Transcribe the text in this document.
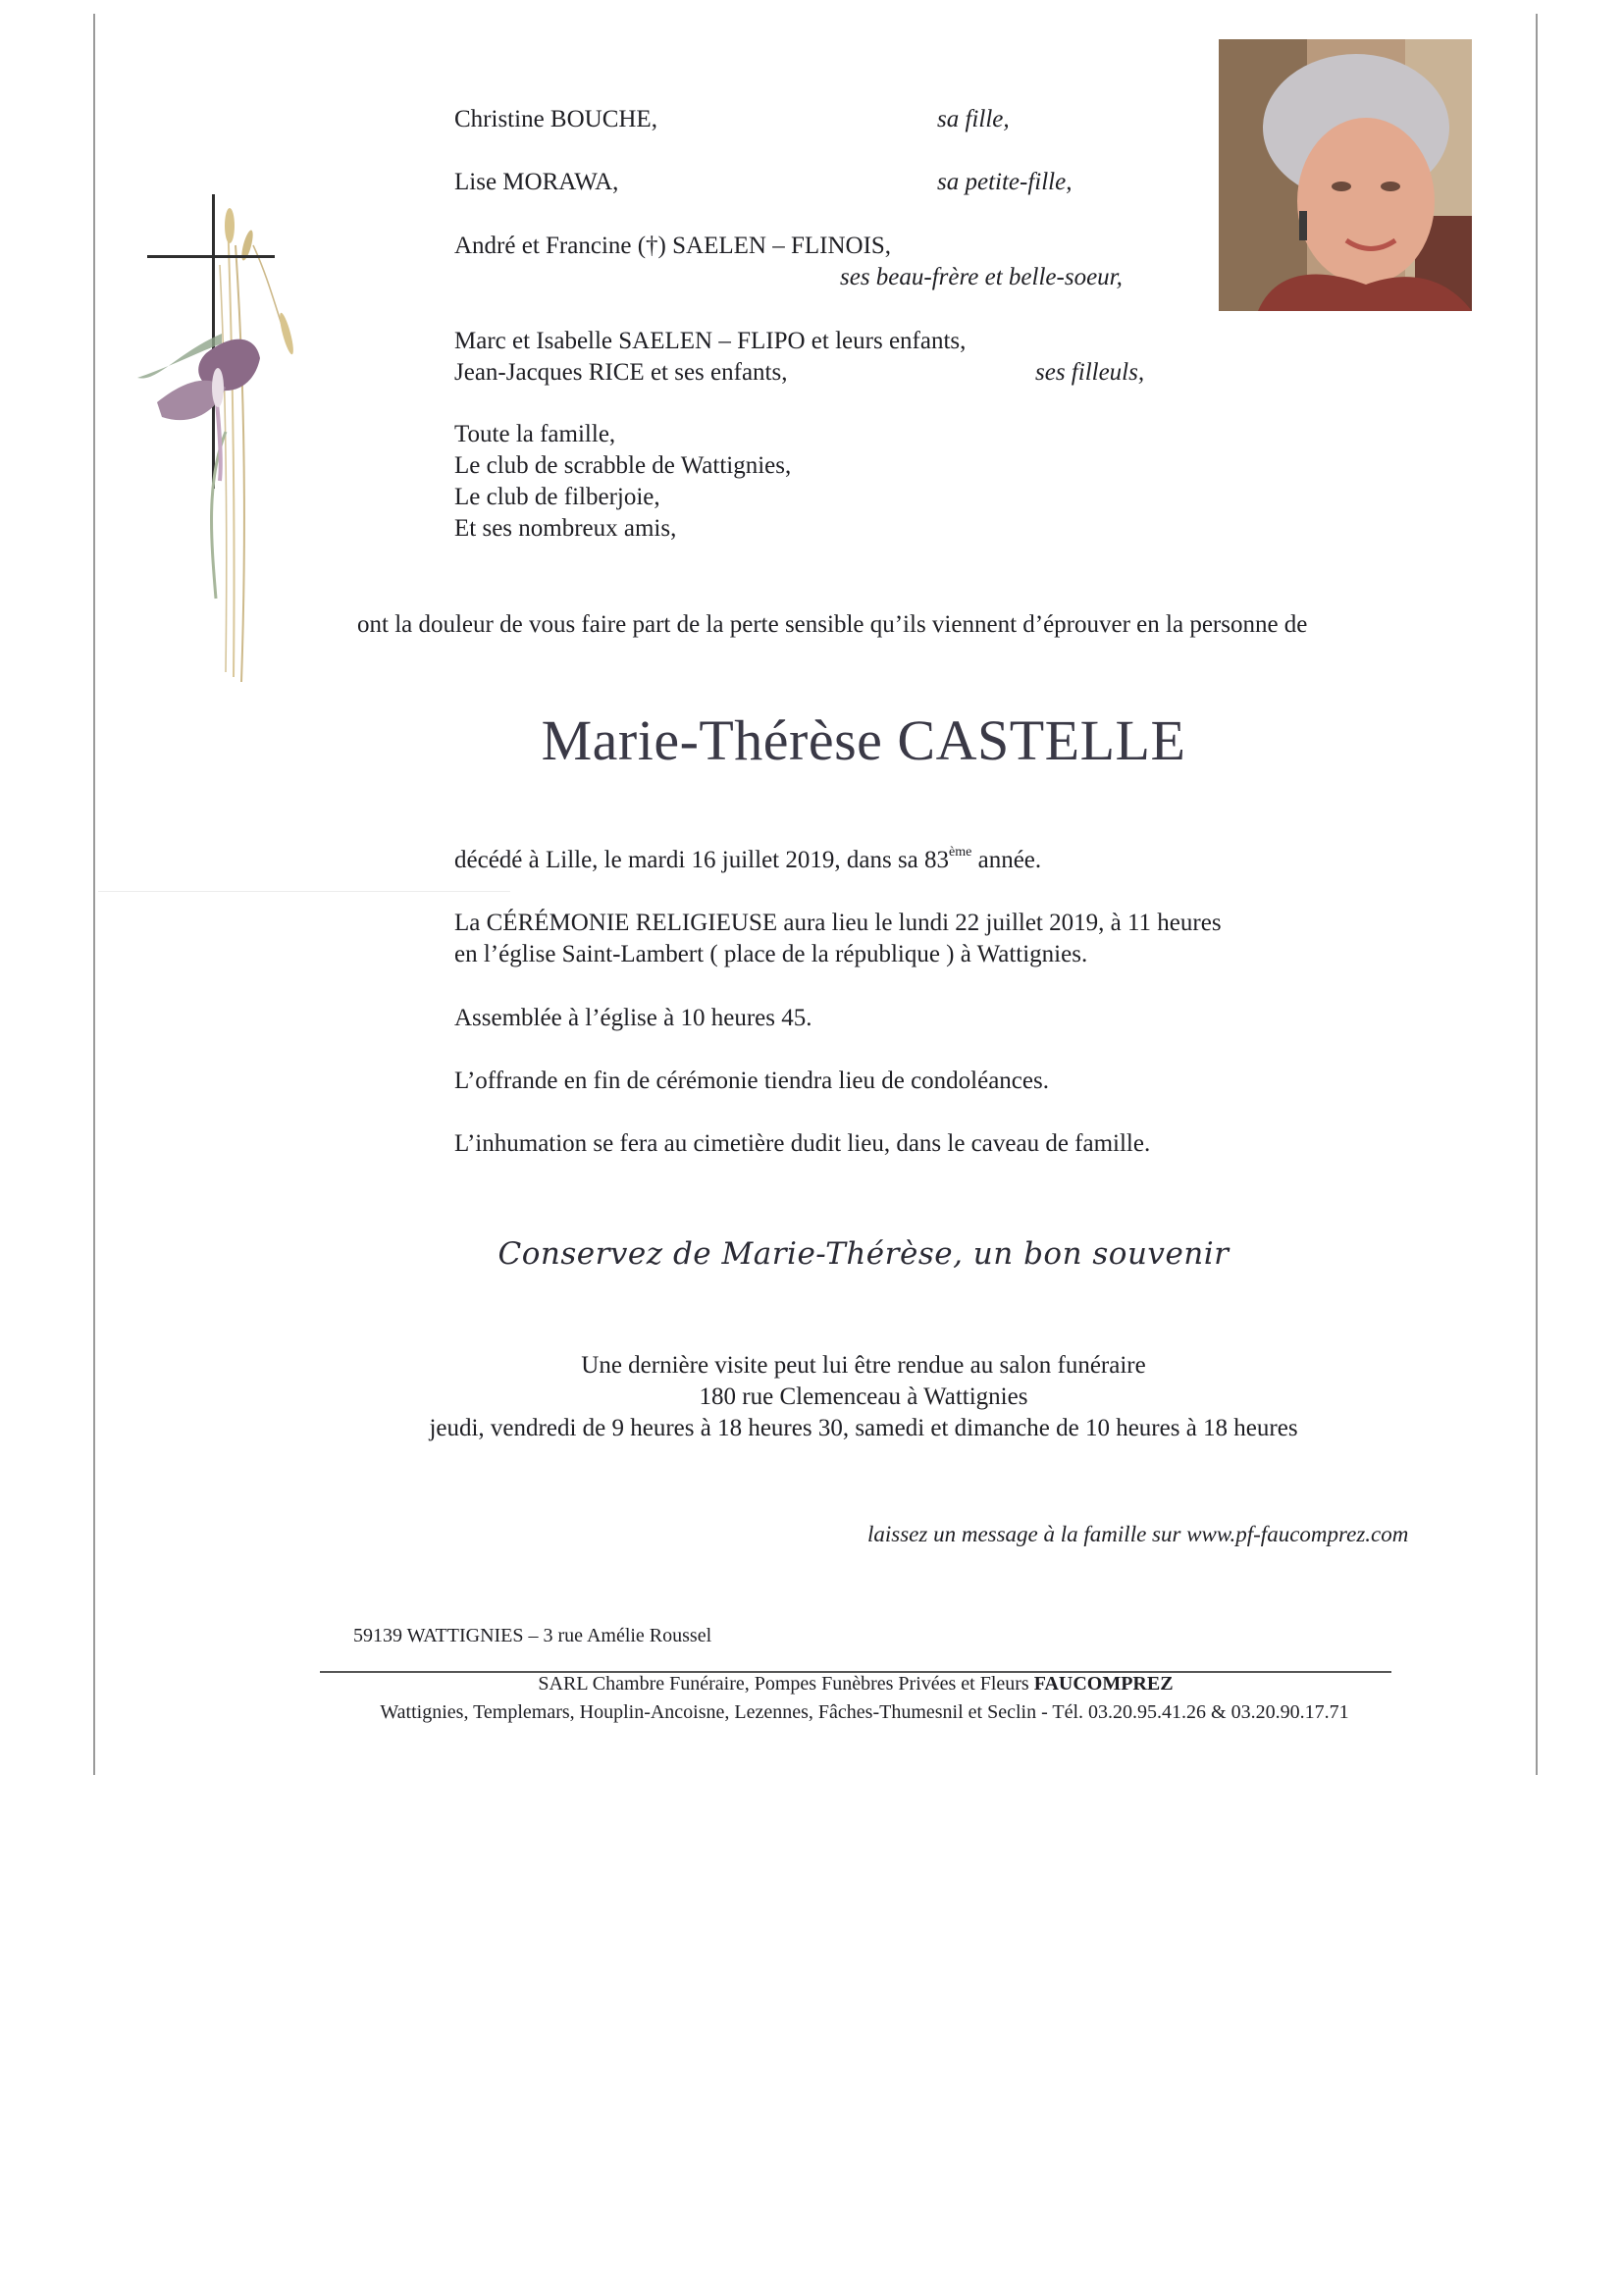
Christine BOUCHE,	sa fille,
Lise MORAWA,	sa petite-fille,
André et Francine (†) SAELEN – FLINOIS,
ses beau-frère et belle-soeur,
Marc et Isabelle SAELEN – FLIPO et leurs enfants,
Jean-Jacques RICE et ses enfants,	ses filleuls,
Toute la famille,
Le club de scrabble de Wattignies,
Le club de filberjoie,
Et ses nombreux amis,
ont la douleur de vous faire part de la perte sensible qu’ils viennent d’éprouver en la personne de
Marie-Thérèse CASTELLE
décédé à Lille, le mardi 16 juillet 2019, dans sa 83ème année.
La CÉRÉMONIE RELIGIEUSE aura lieu le lundi 22 juillet 2019, à 11 heures
en l’église Saint-Lambert ( place de la république ) à Wattignies.
Assemblée à l’église à 10 heures 45.
L’offrande en fin de cérémonie tiendra lieu de condoléances.
L’inhumation se fera au cimetière dudit lieu, dans le caveau de famille.
Conservez de Marie-Thérèse, un bon souvenir
Une dernière visite peut lui être rendue au salon funéraire
180 rue Clemenceau à Wattignies
jeudi, vendredi de 9 heures à 18 heures 30, samedi et dimanche de 10 heures à 18 heures
laissez un message à la famille sur www.pf-faucomprez.com
59139 WATTIGNIES – 3 rue Amélie Roussel
SARL Chambre Funéraire, Pompes Funèbres Privées et Fleurs FAUCOMPREZ
Wattignies, Templemars, Houplin-Ancoisne, Lezennes, Fâches-Thumesnil et Seclin - Tél. 03.20.95.41.26 & 03.20.90.17.71
